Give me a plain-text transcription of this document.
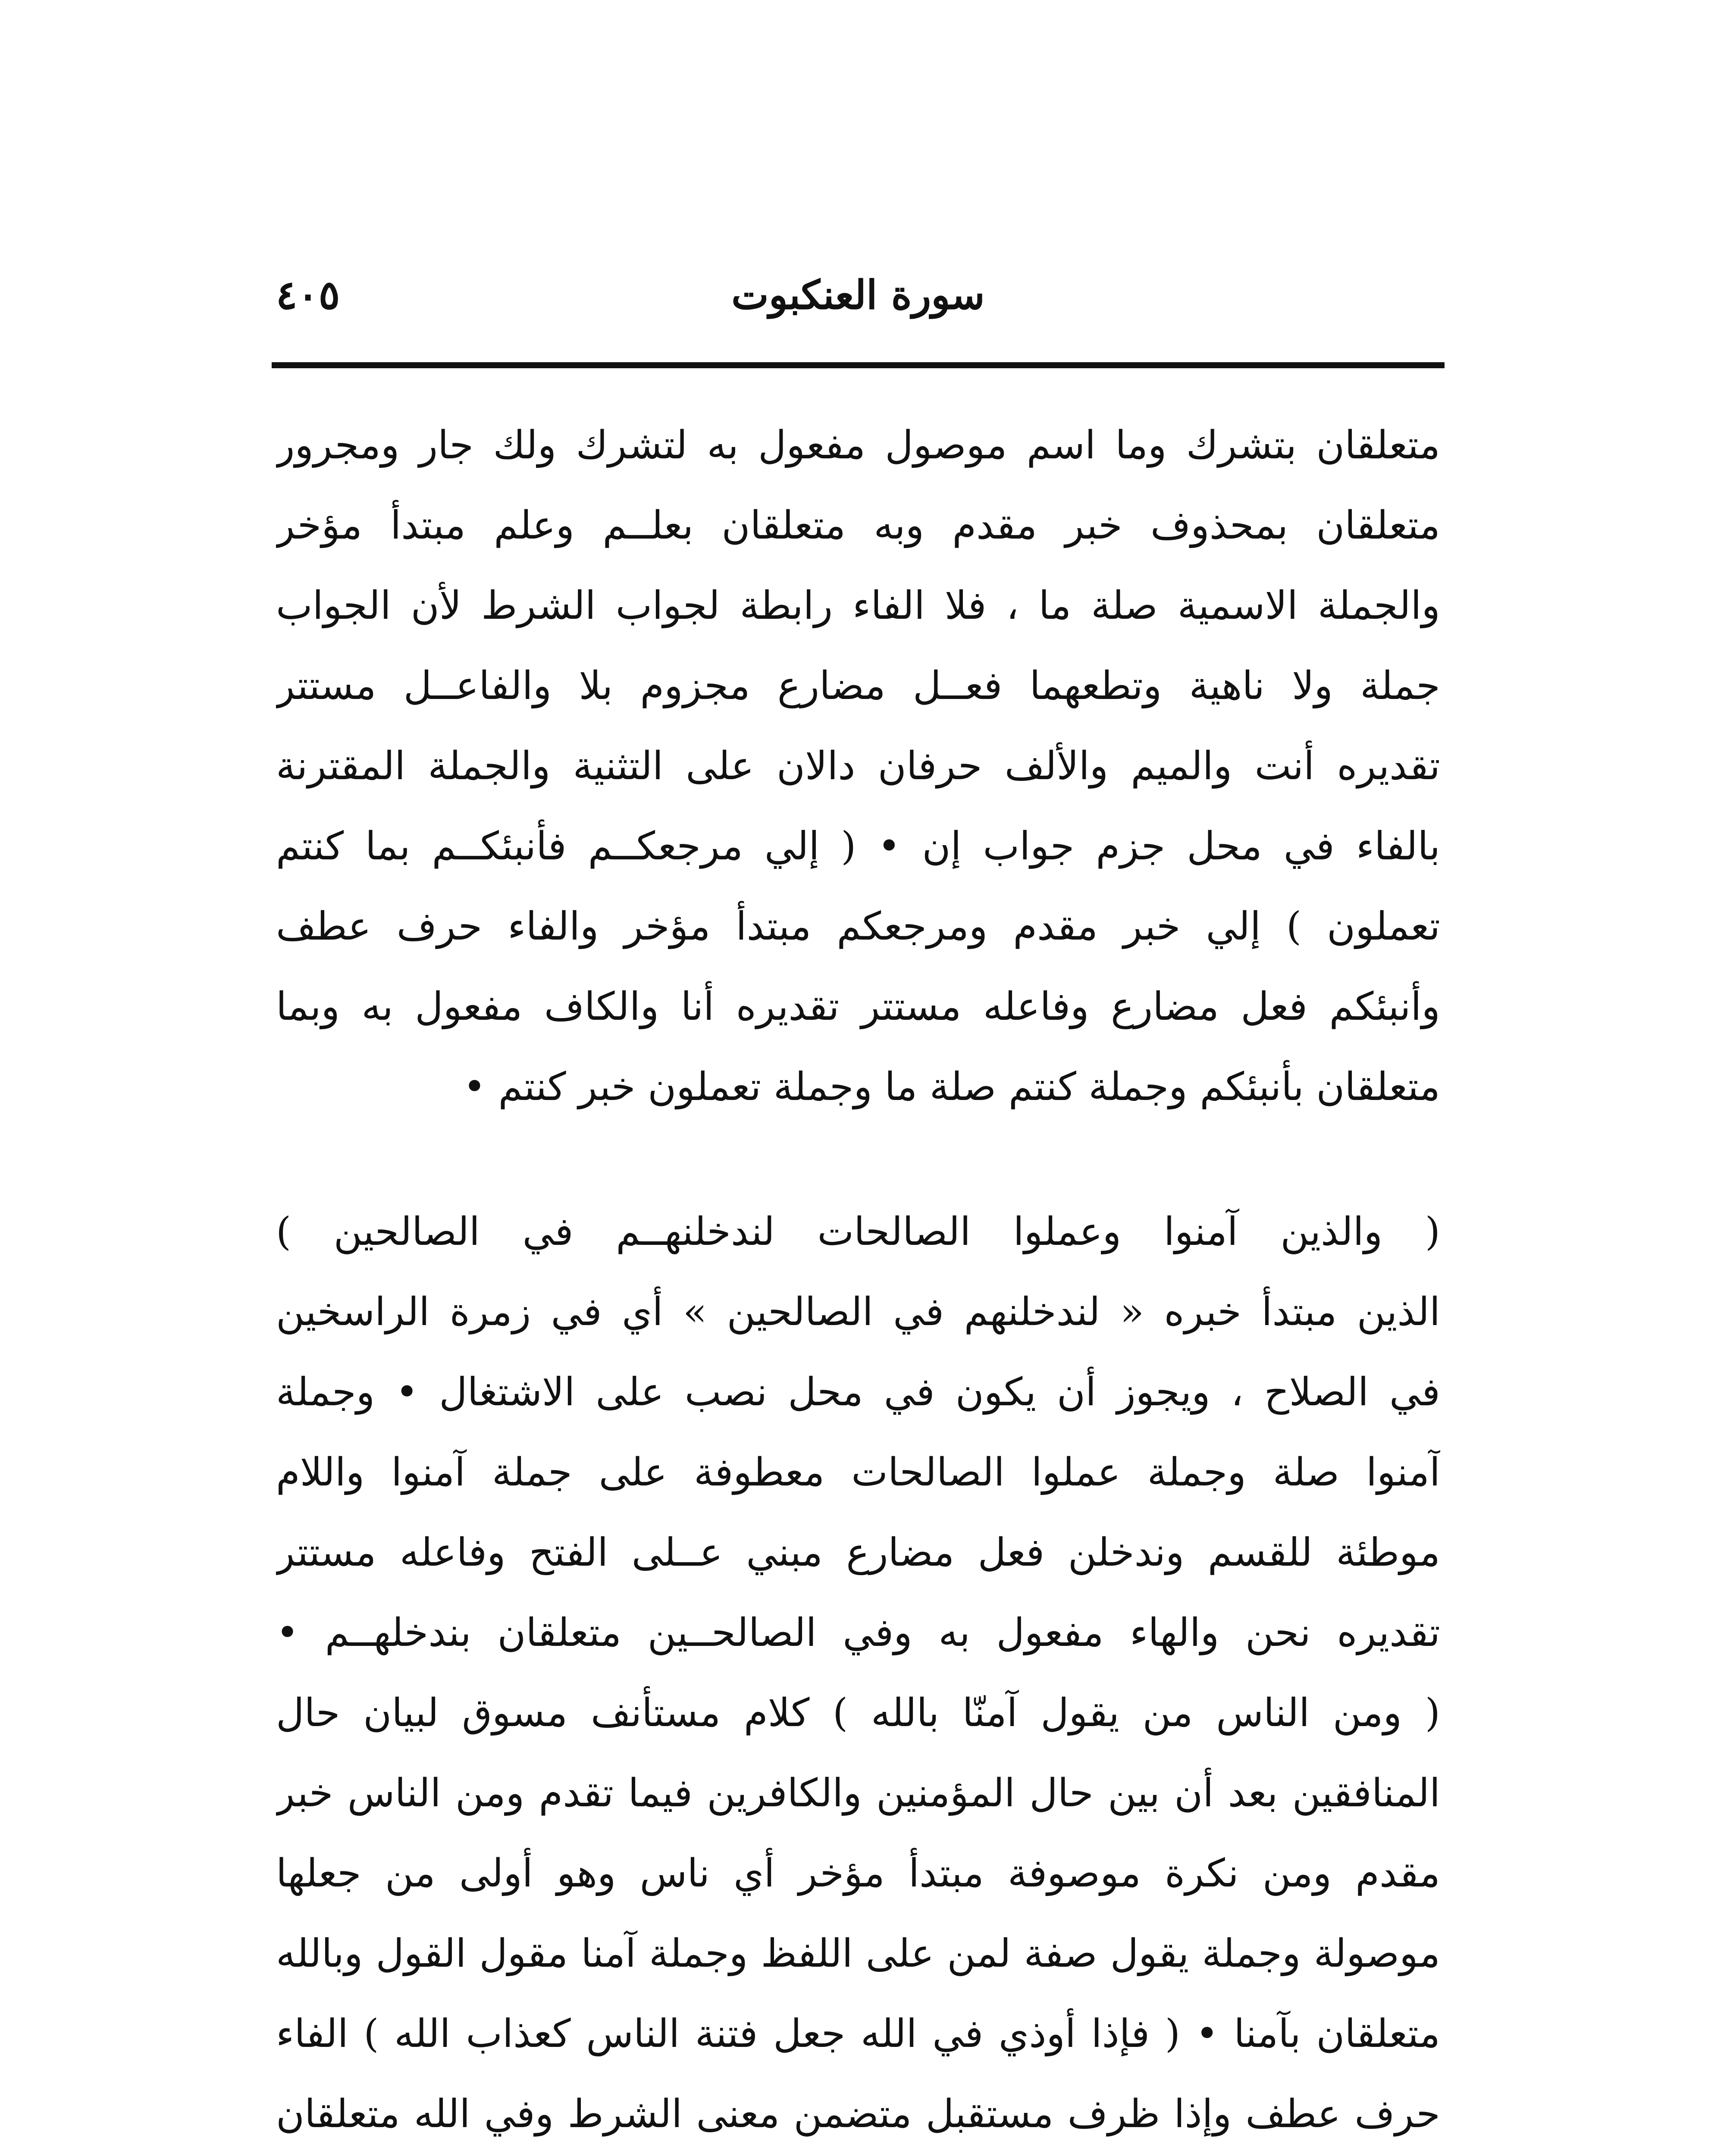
٤٠٥	سورة العنكبوت
متعلقان بتشرك وما اسم موصول مفعول به لتشرك ولك جار ومجرور
متعلقان بمحذوف خبر مقدم وبه متعلقان بعلــم وعلم مبتدأ مؤخر
والجملة الاسمية صلة ما ، فلا الفاء رابطة لجواب الشرط لأن الجواب
جملة ولا ناهية وتطعهما فعــل مضارع مجزوم بلا والفاعــل مستتر
تقديره أنت والميم والألف حرفان دالان على التثنية والجملة المقترنة
بالفاء في محل جزم جواب إن • ( إلي مرجعكــم فأنبئكــم بما كنتم
تعملون ) إلي خبر مقدم ومرجعكم مبتدأ مؤخر والفاء حرف عطف
وأنبئكم فعل مضارع وفاعله مستتر تقديره أنا والكاف مفعول به وبما
متعلقان بأنبئكم وجملة كنتم صلة ما وجملة تعملون خبر كنتم •
( والذين آمنوا وعملوا الصالحات لندخلنهــم في الصالحين )
الذين مبتدأ خبره « لندخلنهم في الصالحين » أي في زمرة الراسخين
في الصلاح ، ويجوز أن يكون في محل نصب على الاشتغال • وجملة
آمنوا صلة وجملة عملوا الصالحات معطوفة على جملة آمنوا واللام
موطئة للقسم وندخلن فعل مضارع مبني عــلى الفتح وفاعله مستتر
تقديره نحن والهاء مفعول به وفي الصالحــين متعلقان بندخلهــم •
( ومن الناس من يقول آمنّا بالله ) كلام مستأنف مسوق لبيان حال
المنافقين بعد أن بين حال المؤمنين والكافرين فيما تقدم ومن الناس خبر
مقدم ومن نكرة موصوفة مبتدأ مؤخر أي ناس وهو أولى من جعلها
موصولة وجملة يقول صفة لمن على اللفظ وجملة آمنا مقول القول وبالله
متعلقان بآمنا • ( فإذا أوذي في الله جعل فتنة الناس كعذاب الله ) الفاء
حرف عطف وإذا ظرف مستقبل متضمن معنى الشرط وفي الله متعلقان
